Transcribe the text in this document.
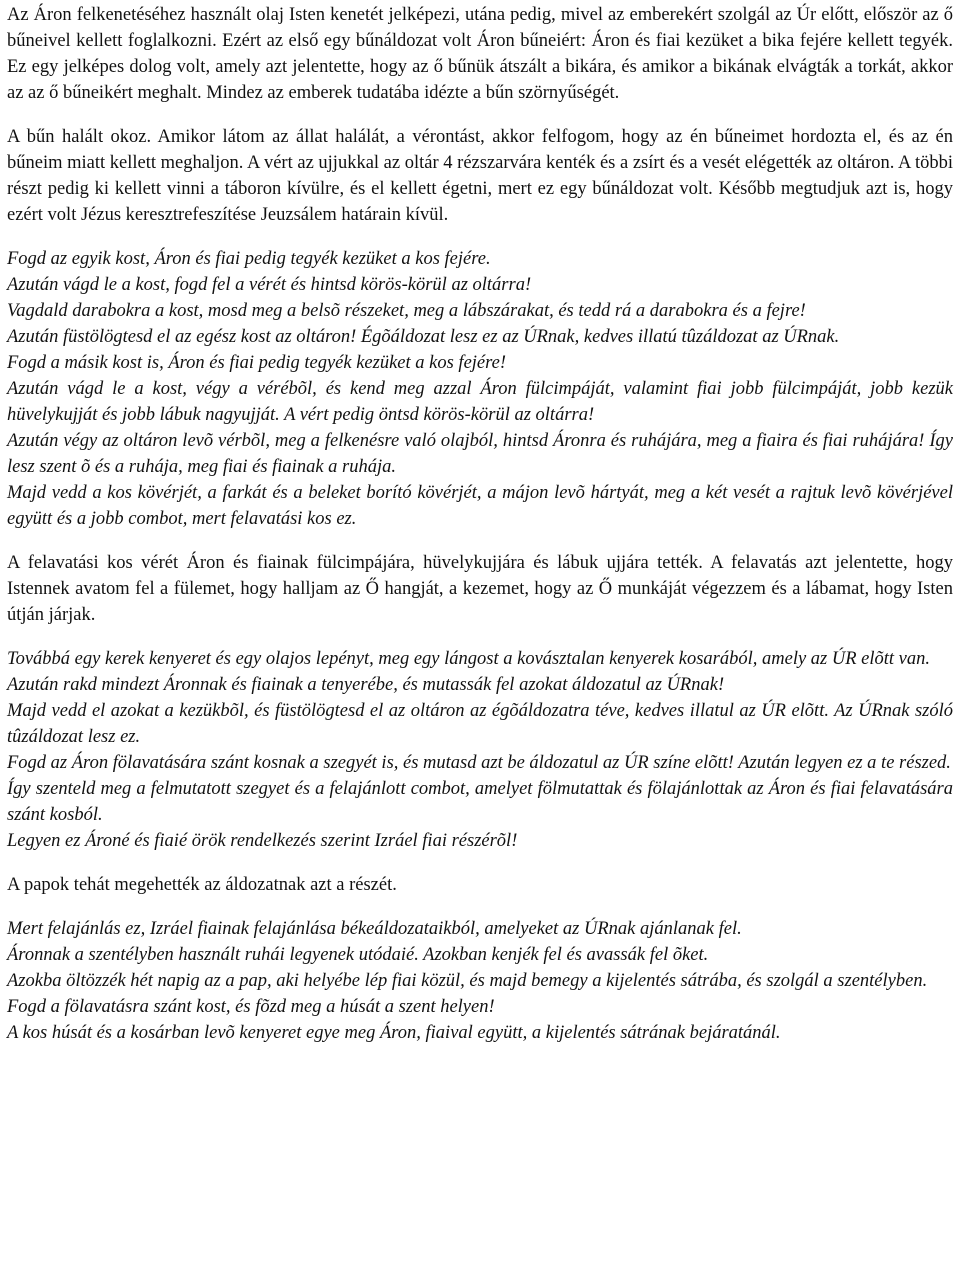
Az Áron felkenetéséhez használt olaj Isten kenetét jelképezi, utána pedig, mivel az emberekért szolgál az Úr előtt, először az ő bűneivel kellett foglalkozni. Ezért az első egy bűnáldozat volt Áron bűneiért: Áron és fiai kezüket a bika fejére kellett tegyék. Ez egy jelképes dolog volt, amely azt jelentette, hogy az ő bűnük átszált a bikára, és amikor a bikának elvágták a torkát, akkor az az ő bűneikért meghalt. Mindez az emberek tudatába idézte a bűn szörnyűségét.

A bűn halált okoz. Amikor látom az állat halálát, a vérontást, akkor felfogom, hogy az én bűneimet hordozta el, és az én bűneim miatt kellett meghaljon. A vért az ujjukkal az oltár 4 rézszarvára kenték és a zsírt és a vesét elégették az oltáron. A többi részt pedig ki kellett vinni a táboron kívülre, és el kellett égetni, mert ez egy bűnáldozat volt. Később megtudjuk azt is, hogy ezért volt Jézus keresztrefeszítése Jeuzsálem határain kívül.

Fogd az egyik kost, Áron és fiai pedig tegyék kezüket a kos fejére.

Azután vágd le a kost, fogd fel a vérét és hintsd körös-körül az oltárra!

Vagdald darabokra a kost, mosd meg a belsõ részeket, meg a lábszárakat, és tedd rá a darabokra és a fejre!

Azután füstölögtesd el az egész kost az oltáron! Égõáldozat lesz ez az ÚRnak, kedves illatú tûzáldozat az ÚRnak.

Fogd a másik kost is, Áron és fiai pedig tegyék kezüket a kos fejére!

Azután vágd le a kost, végy a vérébõl, és kend meg azzal Áron fülcimpáját, valamint fiai jobb fülcimpáját, jobb kezük hüvelykujját és jobb lábuk nagyujját. A vért pedig öntsd körös-körül az oltárra!

Azután végy az oltáron levõ vérbõl, meg a felkenésre való olajból, hintsd Áronra és ruhájára, meg a fiaira és fiai ruhájára! Így lesz szent õ és a ruhája, meg fiai és fiainak a ruhája.

Majd vedd a kos kövérjét, a farkát és a beleket borító kövérjét, a májon levõ hártyát, meg a két vesét a rajtuk levõ kövérjével együtt és a jobb combot, mert felavatási kos ez.

A felavatási kos vérét Áron és fiainak fülcimpájára, hüvelykujjára és lábuk ujjára tették. A felavatás azt jelentette, hogy Istennek avatom fel a fülemet, hogy halljam az Ő hangját, a kezemet, hogy az Ő munkáját végezzem és a lábamat, hogy Isten útján járjak.

Továbbá egy kerek kenyeret és egy olajos lepényt, meg egy lángost a kovásztalan kenyerek kosarából, amely az ÚR elõtt van.

Azután rakd mindezt Áronnak és fiainak a tenyerébe, és mutassák fel azokat áldozatul az ÚRnak!

Majd vedd el azokat a kezükbõl, és füstölögtesd el az oltáron az égõáldozatra téve, kedves illatul az ÚR elõtt. Az ÚRnak szóló tûzáldozat lesz ez.

Fogd az Áron fölavatására szánt kosnak a szegyét is, és mutasd azt be áldozatul az ÚR színe elõtt! Azután legyen ez a te részed.

Így szenteld meg a felmutatott szegyet és a felajánlott combot, amelyet fölmutattak és fölajánlottak az Áron és fiai felavatására szánt kosból.

Legyen ez Ároné és fiaié örök rendelkezés szerint Izráel fiai részérõl!

A papok tehát megehették az áldozatnak azt a részét.

Mert felajánlás ez, Izráel fiainak felajánlása békeáldozataikból, amelyeket az ÚRnak ajánlanak fel.

Áronnak a szentélyben használt ruhái legyenek utódaié. Azokban kenjék fel és avassák fel õket.

Azokba öltözzék hét napig az a pap, aki helyébe lép fiai közül, és majd bemegy a kijelentés sátrába, és szolgál a szentélyben.

Fogd a fölavatásra szánt kost, és fõzd meg a húsát a szent helyen!

A kos húsát és a kosárban levõ kenyeret egye meg Áron, fiaival együtt, a kijelentés sátrának bejáratánál.
